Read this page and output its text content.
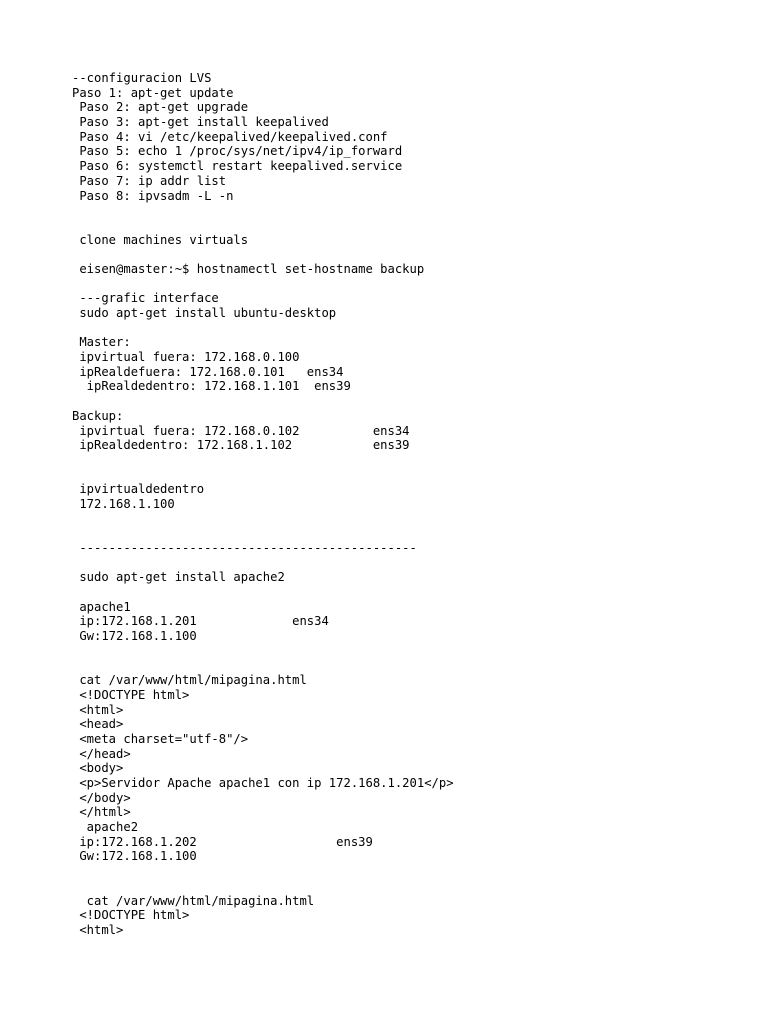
--configuracion LVS
Paso 1: apt-get update
Paso 2: apt-get upgrade
Paso 3: apt-get install keepalived
Paso 4: vi /etc/keepalived/keepalived.conf
Paso 5: echo 1 /proc/sys/net/ipv4/ip_forward
Paso 6: systemctl restart keepalived.service
Paso 7: ip addr list
Paso 8: ipvsadm -L -n
clone machines virtuals
eisen@master:~$ hostnamectl set-hostname backup
---grafic interface
sudo apt-get install ubuntu-desktop
Master:
ipvirtual fuera: 172.168.0.100
ipRealdefuera: 172.168.0.101   ens34
ipRealdedentro: 172.168.1.101  ens39
Backup:
ipvirtual fuera: 172.168.0.102          ens34
ipRealdedentro: 172.168.1.102           ens39
ipvirtualdedentro
172.168.1.100
----------------------------------------------
sudo apt-get install apache2
apache1
ip:172.168.1.201             ens34
Gw:172.168.1.100
cat /var/www/html/mipagina.html
<!DOCTYPE html>
<html>
<head>
<meta charset="utf-8"/>
</head>
<body>
<p>Servidor Apache apache1 con ip 172.168.1.201</p>
</body>
</html>
apache2
ip:172.168.1.202                   ens39
Gw:172.168.1.100
cat /var/www/html/mipagina.html
<!DOCTYPE html>
<html>
